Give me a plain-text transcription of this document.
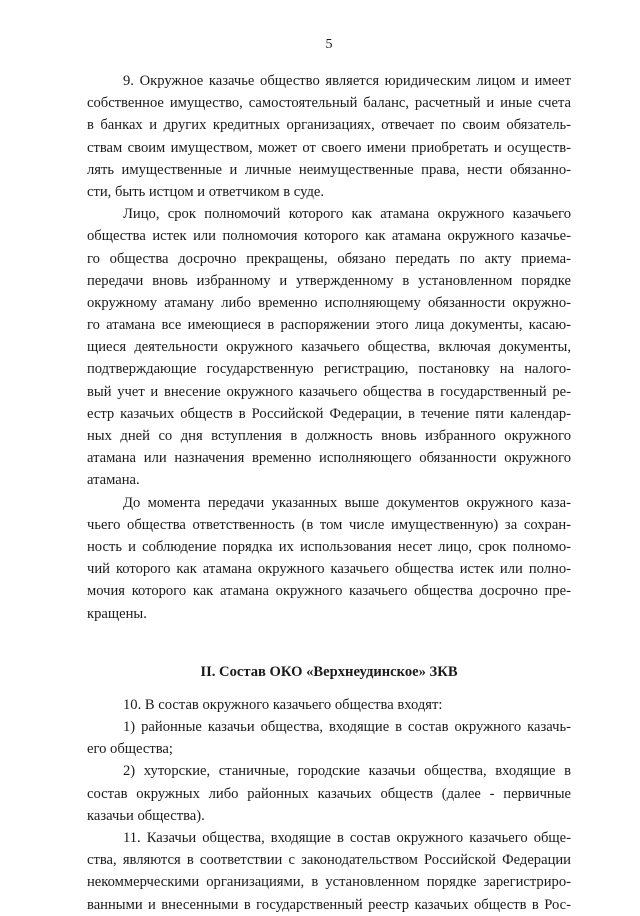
5
9. Окружное казачье общество является юридическим лицом и имеет
собственное имущество, самостоятельный баланс, расчетный и иные счета
в банках и других кредитных организациях, отвечает по своим обязатель-
ствам своим имуществом, может от своего имени приобретать и осуществ-
лять имущественные и личные неимущественные права, нести обязанно-
сти, быть истцом и ответчиком в суде.
Лицо, срок полномочий которого как атамана окружного казачьего
общества истек или полномочия которого как атамана окружного казачье-
го общества досрочно прекращены, обязано передать по акту приема-
передачи вновь избранному и утвержденному в установленном порядке
окружному атаману либо временно исполняющему обязанности окружно-
го атамана все имеющиеся в распоряжении этого лица документы, касаю-
щиеся деятельности окружного казачьего общества, включая документы,
подтверждающие государственную регистрацию, постановку на налого-
вый учет и внесение окружного казачьего общества в государственный ре-
естр казачьих обществ в Российской Федерации, в течение пяти календар-
ных дней со дня вступления в должность вновь избранного окружного
атамана или назначения временно исполняющего обязанности окружного
атамана.
До момента передачи указанных выше документов окружного каза-
чьего общества ответственность (в том числе имущественную) за сохран-
ность и соблюдение порядка их использования несет лицо, срок полномо-
чий которого как атамана окружного казачьего общества истек или полно-
мочия которого как атамана окружного казачьего общества досрочно пре-
кращены.
II. Состав ОКО «Верхнеудинское» ЗКВ
10. В состав окружного казачьего общества входят:
1) районные казачьи общества, входящие в состав окружного казачь-
его общества;
2) хуторские, станичные, городские казачьи общества, входящие в
состав окружных либо районных казачьих обществ (далее - первичные
казачьи общества).
11. Казачьи общества, входящие в состав окружного казачьего обще-
ства, являются в соответствии с законодательством Российской Федерации
некоммерческими организациями, в установленном порядке зарегистриро-
ванными и внесенными в государственный реестр казачьих обществ в Рос-
